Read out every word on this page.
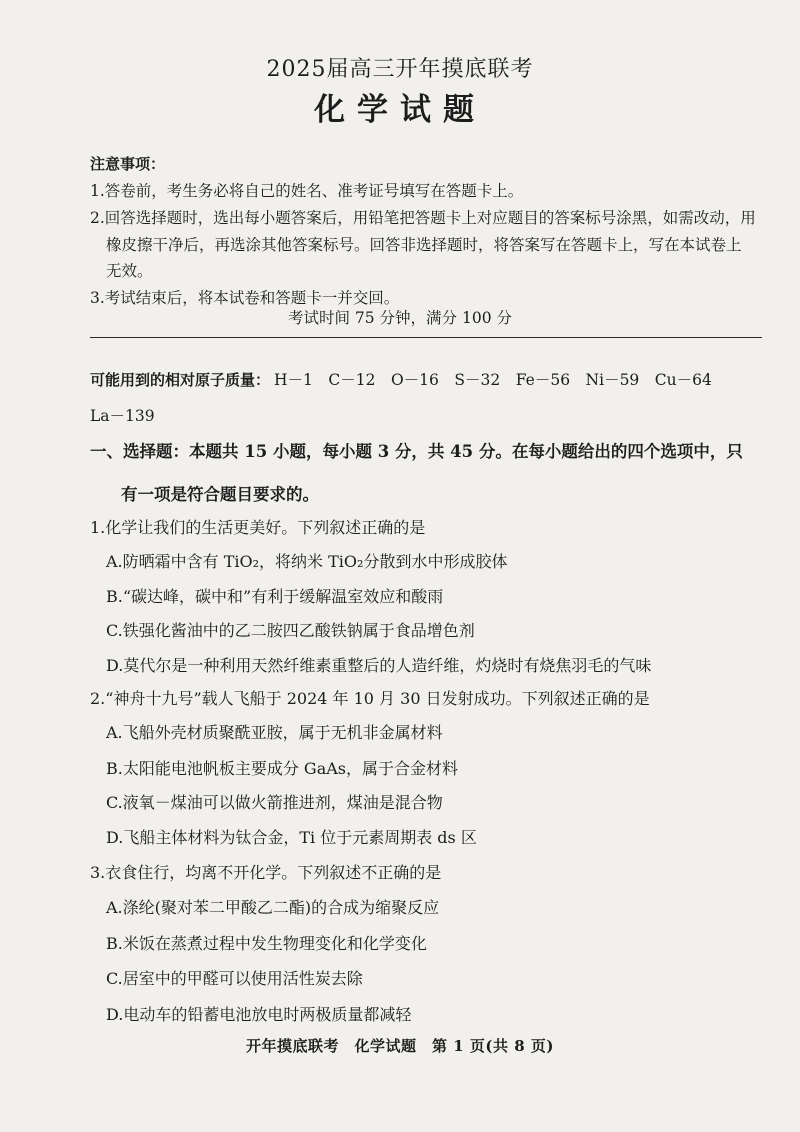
2025届高三开年摸底联考
化学试题
注意事项：
1.答卷前，考生务必将自己的姓名、准考证号填写在答题卡上。
2.回答选择题时，选出每小题答案后，用铅笔把答题卡上对应题目的答案标号涂黑，如需改动，用
橡皮擦干净后，再选涂其他答案标号。回答非选择题时，将答案写在答题卡上，写在本试卷上
无效。
3.考试结束后，将本试卷和答题卡一并交回。
考试时间 75 分钟，满分 100 分
可能用到的相对原子质量： H－1　C－12　O－16　S－32　Fe－56　Ni－59　Cu－64
La－139
一、选择题：本题共 15 小题，每小题 3 分，共 45 分。在每小题给出的四个选项中，只
有一项是符合题目要求的。
1.化学让我们的生活更美好。下列叙述正确的是
A.防晒霜中含有 TiO₂，将纳米 TiO₂分散到水中形成胶体
B.“碳达峰，碳中和”有利于缓解温室效应和酸雨
C.铁强化酱油中的乙二胺四乙酸铁钠属于食品增色剂
D.莫代尔是一种利用天然纤维素重整后的人造纤维，灼烧时有烧焦羽毛的气味
2.“神舟十九号”载人飞船于 2024 年 10 月 30 日发射成功。下列叙述正确的是
A.飞船外壳材质聚酰亚胺，属于无机非金属材料
B.太阳能电池帆板主要成分 GaAs，属于合金材料
C.液氧－煤油可以做火箭推进剂，煤油是混合物
D.飞船主体材料为钛合金，Ti 位于元素周期表 ds 区
3.衣食住行，均离不开化学。下列叙述不正确的是
A.涤纶(聚对苯二甲酸乙二酯)的合成为缩聚反应
B.米饭在蒸煮过程中发生物理变化和化学变化
C.居室中的甲醛可以使用活性炭去除
D.电动车的铅蓄电池放电时两极质量都减轻
开年摸底联考　化学试题　第 1 页(共 8 页)
